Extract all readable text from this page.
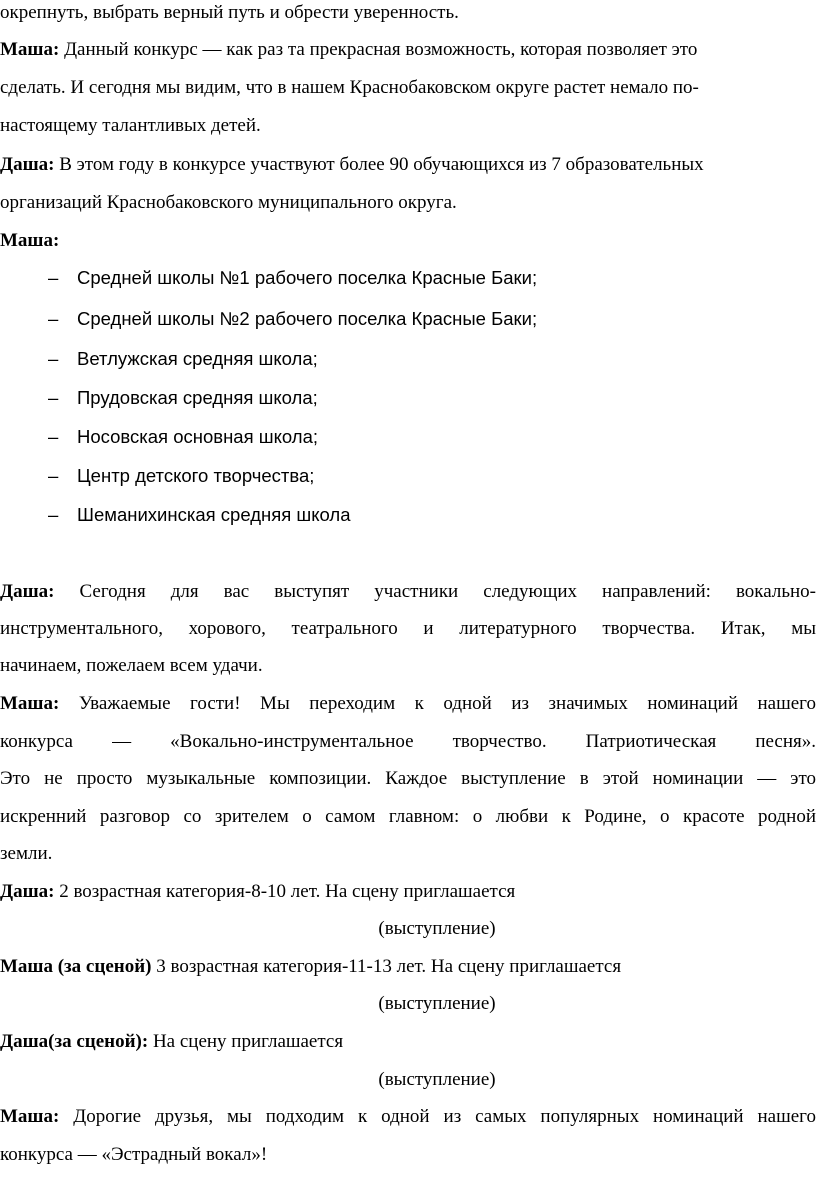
окрепнуть, выбрать верный путь и обрести уверенность.

Маша: Данный конкурс — как раз та прекрасная возможность, которая позволяет это

сделать. И сегодня мы видим, что в нашем Краснобаковском округе растет немало по-

настоящему талантливых детей.

Даша: В этом году в конкурсе участвуют более 90 обучающихся из 7 образовательных

организаций Краснобаковского муниципального округа.

Маша:

– Средней школы №1 рабочего поселка Красные Баки;
– Средней школы №2 рабочего поселка Красные Баки;
– Ветлужская средняя школа;
– Прудовская средняя школа;
– Носовская основная школа;
– Центр детского творчества;
– Шеманихинская средняя школа

Даша: Сегодня для вас выступят участники следующих направлений: вокально-

инструментального, хорового, театрального и литературного творчества. Итак, мы

начинаем, пожелаем всем удачи.

Маша: Уважаемые гости! Мы переходим к одной из значимых номинаций нашего

конкурса — «Вокально-инструментальное творчество. Патриотическая песня».

Это не просто музыкальные композиции. Каждое выступление в этой номинации — это

искренний разговор со зрителем о самом главном: о любви к Родине, о красоте родной

земли.

Даша: 2 возрастная категория-8-10 лет. На сцену приглашается

(выступление)

Маша (за сценой) 3 возрастная категория-11-13 лет. На сцену приглашается

(выступление)

Даша(за сценой): На сцену приглашается

(выступление)

Маша: Дорогие друзья, мы подходим к одной из самых популярных номинаций нашего

конкурса — «Эстрадный вокал»!
